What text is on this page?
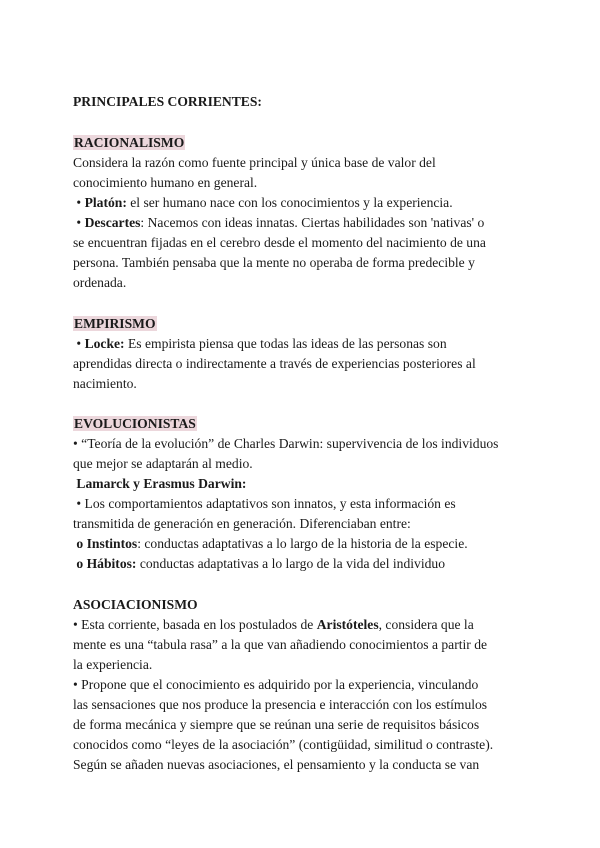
PRINCIPALES CORRIENTES:
RACIONALISMO
Considera la razón como fuente principal y única base de valor del
conocimiento humano en general.
• Platón: el ser humano nace con los conocimientos y la experiencia.
• Descartes: Nacemos con ideas innatas. Ciertas habilidades son 'nativas' o
se encuentran fijadas en el cerebro desde el momento del nacimiento de una
persona. También pensaba que la mente no operaba de forma predecible y
ordenada.
EMPIRISMO
• Locke: Es empirista piensa que todas las ideas de las personas son
aprendidas directa o indirectamente a través de experiencias posteriores al
nacimiento.
EVOLUCIONISTAS
• “Teoría de la evolución” de Charles Darwin: supervivencia de los individuos
que mejor se adaptarán al medio.
Lamarck y Erasmus Darwin:
• Los comportamientos adaptativos son innatos, y esta información es
transmitida de generación en generación. Diferenciaban entre:
o Instintos: conductas adaptativas a lo largo de la historia de la especie.
o Hábitos: conductas adaptativas a lo largo de la vida del individuo
ASOCIACIONISMO
• Esta corriente, basada en los postulados de Aristóteles, considera que la
mente es una “tabula rasa” a la que van añadiendo conocimientos a partir de
la experiencia.
• Propone que el conocimiento es adquirido por la experiencia, vinculando
las sensaciones que nos produce la presencia e interacción con los estímulos
de forma mecánica y siempre que se reúnan una serie de requisitos básicos
conocidos como “leyes de la asociación” (contigüidad, similitud o contraste).
Según se añaden nuevas asociaciones, el pensamiento y la conducta se van
